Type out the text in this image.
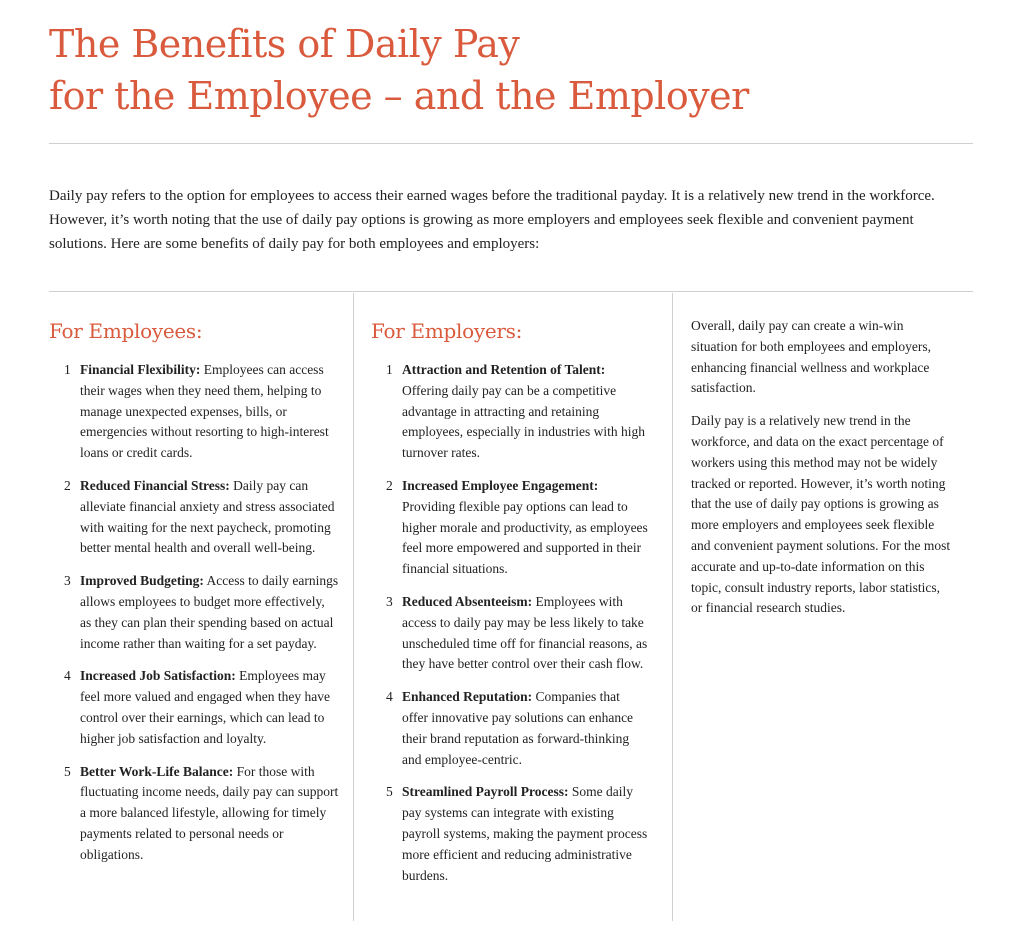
The Benefits of Daily Pay
for the Employee – and the Employer

Daily pay refers to the option for employees to access their earned wages before the traditional payday. It is a relatively new trend in the workforce. However, it’s worth noting that the use of daily pay options is growing as more employers and employees seek flexible and convenient payment solutions. Here are some benefits of daily pay for both employees and employers:

For Employees:
1 Financial Flexibility: Employees can access their wages when they need them, helping to manage unexpected expenses, bills, or emergencies without resorting to high-interest loans or credit cards.
2 Reduced Financial Stress: Daily pay can alleviate financial anxiety and stress associated with waiting for the next paycheck, promoting better mental health and overall well-being.
3 Improved Budgeting: Access to daily earnings allows employees to budget more effectively, as they can plan their spending based on actual income rather than waiting for a set payday.
4 Increased Job Satisfaction: Employees may feel more valued and engaged when they have control over their earnings, which can lead to higher job satisfaction and loyalty.
5 Better Work-Life Balance: For those with fluctuating income needs, daily pay can support a more balanced lifestyle, allowing for timely payments related to personal needs or obligations.
For Employers:
1 Attraction and Retention of Talent: Offering daily pay can be a competitive advantage in attracting and retaining employees, especially in industries with high turnover rates.
2 Increased Employee Engagement: Providing flexible pay options can lead to higher morale and productivity, as employees feel more empowered and supported in their financial situations.
3 Reduced Absenteeism: Employees with access to daily pay may be less likely to take unscheduled time off for financial reasons, as they have better control over their cash flow.
4 Enhanced Reputation: Companies that offer innovative pay solutions can enhance their brand reputation as forward-thinking and employee-centric.
5 Streamlined Payroll Process: Some daily pay systems can integrate with existing payroll systems, making the payment process more efficient and reducing administrative burdens.

Overall, daily pay can create a win-win situation for both employees and employers, enhancing financial wellness and workplace satisfaction.

Daily pay is a relatively new trend in the workforce, and data on the exact percentage of workers using this method may not be widely tracked or reported. However, it’s worth noting that the use of daily pay options is growing as more employers and employees seek flexible and convenient payment solutions. For the most accurate and up-to-date information on this topic, consult industry reports, labor statistics, or financial research studies.
